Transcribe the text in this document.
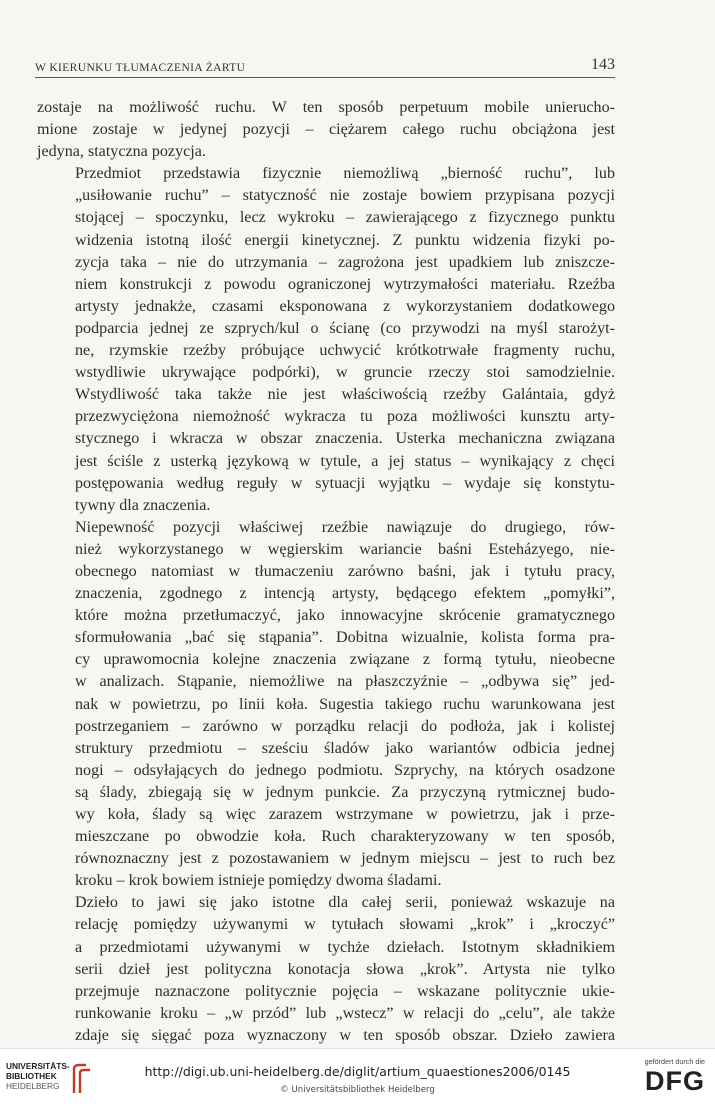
W KIERUNKU TŁUMACZENIA ŻARTU	143

zostaje na możliwość ruchu. W ten sposób perpetuum mobile unierucho-
mione zostaje w jedynej pozycji – ciężarem całego ruchu obciążona jest
jedyna, statyczna pozycja.

Przedmiot przedstawia fizycznie niemożliwą „bierność ruchu”, lub
„usiłowanie ruchu” – statyczność nie zostaje bowiem przypisana pozycji
stojącej – spoczynku, lecz wykroku – zawierającego z fizycznego punktu
widzenia istotną ilość energii kinetycznej. Z punktu widzenia fizyki po-
zycja taka – nie do utrzymania – zagrożona jest upadkiem lub zniszcze-
niem konstrukcji z powodu ograniczonej wytrzymałości materiału. Rzeźba
artysty jednakże, czasami eksponowana z wykorzystaniem dodatkowego
podparcia jednej ze szprych/kul o ścianę (co przywodzi na myśl starożyt-
ne, rzymskie rzeźby próbujące uchwycić krótkotrwałe fragmenty ruchu,
wstydliwie ukrywające podpórki), w gruncie rzeczy stoi samodzielnie.
Wstydliwość taka także nie jest właściwością rzeźby Galántaia, gdyż
przezwyciężona niemożność wykracza tu poza możliwości kunsztu arty-
stycznego i wkracza w obszar znaczenia. Usterka mechaniczna związana
jest ściśle z usterką językową w tytule, a jej status – wynikający z chęci
postępowania według reguły w sytuacji wyjątku – wydaje się konstytu-
tywny dla znaczenia.

Niepewność pozycji właściwej rzeźbie nawiązuje do drugiego, rów-
nież wykorzystanego w węgierskim wariancie baśni Esteházyego, nie-
obecnego natomiast w tłumaczeniu zarówno baśni, jak i tytułu pracy,
znaczenia, zgodnego z intencją artysty, będącego efektem „pomyłki”,
które można przetłumaczyć, jako innowacyjne skrócenie gramatycznego
sformułowania „bać się stąpania”. Dobitna wizualnie, kolista forma pra-
cy uprawomocnia kolejne znaczenia związane z formą tytułu, nieobecne
w analizach. Stąpanie, niemożliwe na płaszczyźnie – „odbywa się” jed-
nak w powietrzu, po linii koła. Sugestia takiego ruchu warunkowana jest
postrzeganiem – zarówno w porządku relacji do podłoża, jak i kolistej
struktury przedmiotu – sześciu śladów jako wariantów odbicia jednej
nogi – odsyłających do jednego podmiotu. Szprychy, na których osadzone
są ślady, zbiegają się w jednym punkcie. Za przyczyną rytmicznej budo-
wy koła, ślady są więc zarazem wstrzymane w powietrzu, jak i prze-
mieszczane po obwodzie koła. Ruch charakteryzowany w ten sposób,
równoznaczny jest z pozostawaniem w jednym miejscu – jest to ruch bez
kroku – krok bowiem istnieje pomiędzy dwoma śladami.

Dzieło to jawi się jako istotne dla całej serii, ponieważ wskazuje na
relację pomiędzy używanymi w tytułach słowami „krok” i „kroczyć”
a przedmiotami używanymi w tychże dziełach. Istotnym składnikiem
serii dzieł jest polityczna konotacja słowa „krok”. Artysta nie tylko
przejmuje naznaczone politycznie pojęcia – wskazane politycznie ukie-
runkowanie kroku – „w przód” lub „wstecz” w relacji do „celu”, ale także
zdaje się sięgać poza wyznaczony w ten sposób obszar. Dzieło zawiera

UNIVERSITÄTS-
BIBLIOTHEK
HEIDELBERG
http://digi.ub.uni-heidelberg.de/diglit/artium_quaestiones2006/0145
© Universitätsbibliothek Heidelberg
gefördert durch die
DFG
